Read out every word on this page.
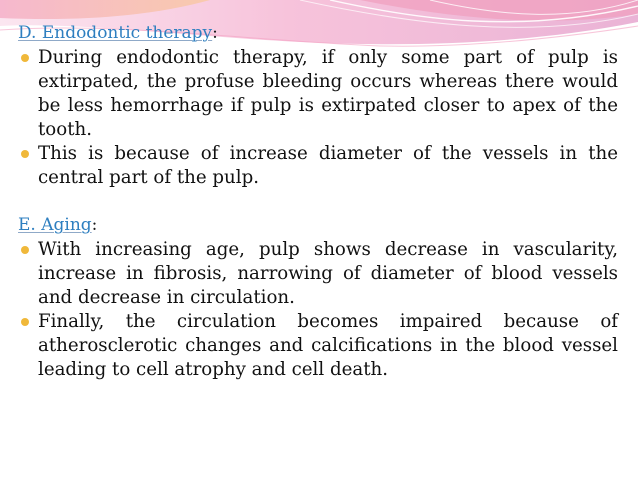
D. Endodontic therapy:
During endodontic therapy, if only some part of pulp is extirpated, the profuse bleeding occurs whereas there would be less hemorrhage if pulp is extirpated closer to apex of the tooth.
This is because of increase diameter of the vessels in the central part of the pulp.
E. Aging:
With increasing age, pulp shows decrease in vascularity, increase in fibrosis, narrowing of diameter of blood vessels and decrease in circulation.
Finally, the circulation becomes impaired because of atherosclerotic changes and calcifications in the blood vessel leading to cell atrophy and cell death.
